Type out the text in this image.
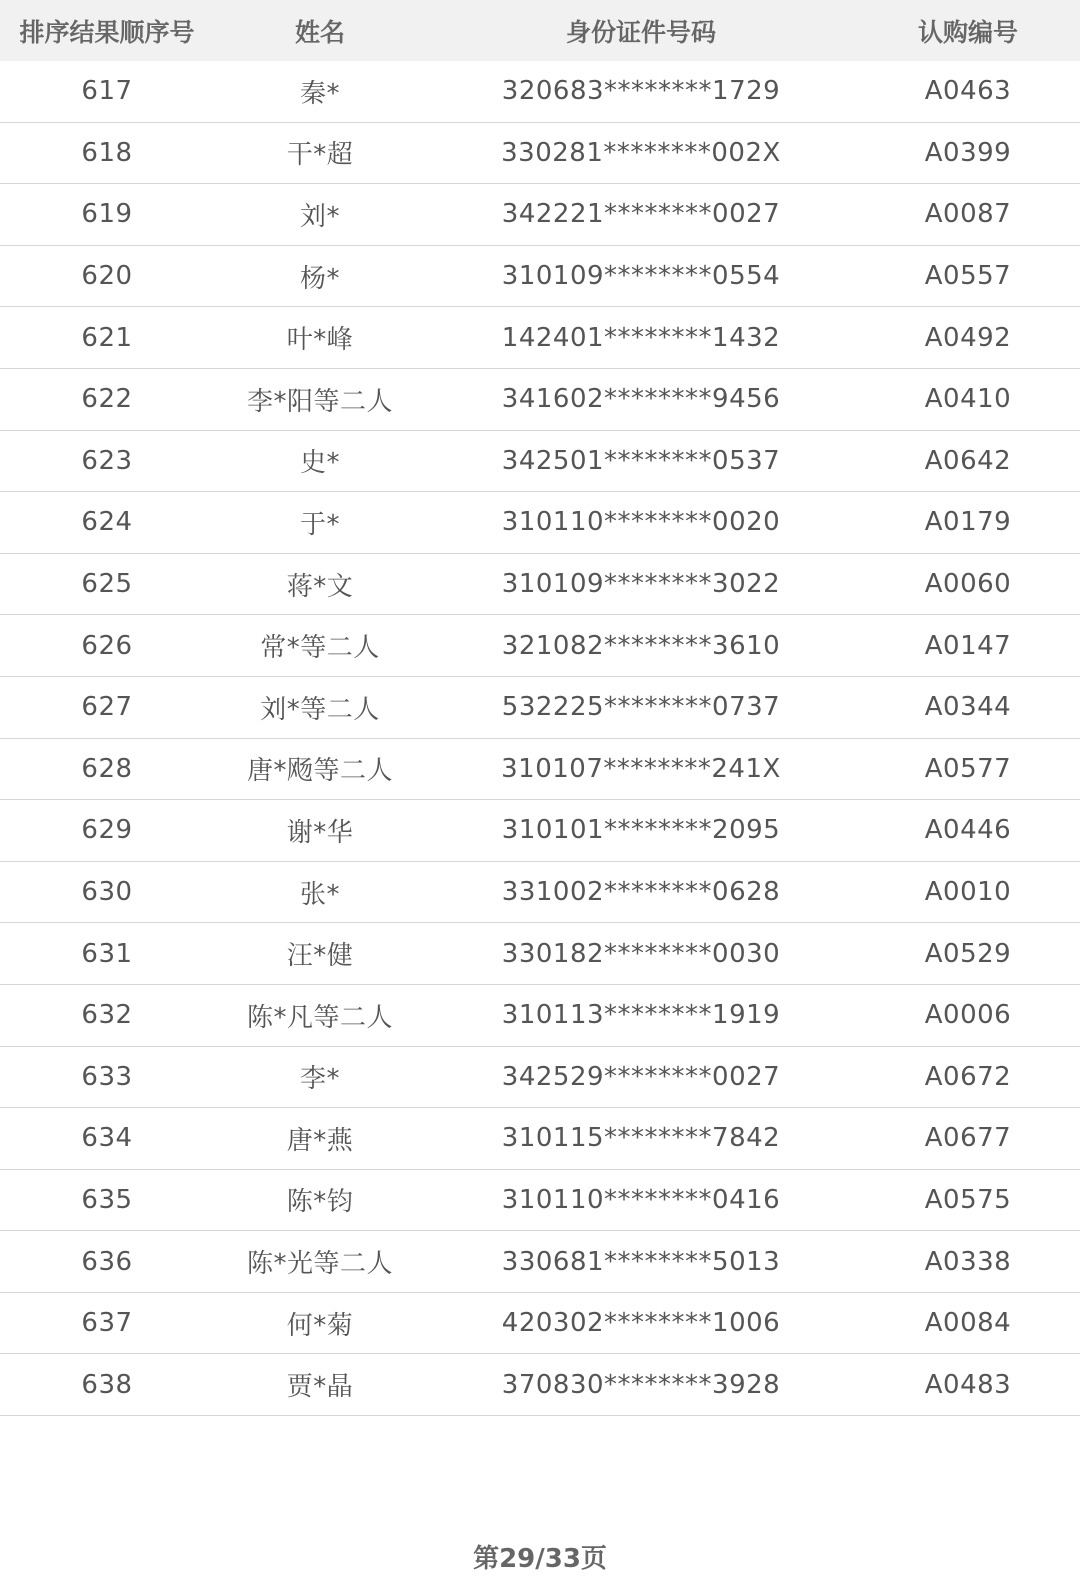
排序结果顺序号	姓名	身份证件号码	认购编号
617	秦*	320683********1729	A0463
618	干*超	330281********002X	A0399
619	刘*	342221********0027	A0087
620	杨*	310109********0554	A0557
621	叶*峰	142401********1432	A0492
622	李*阳等二人	341602********9456	A0410
623	史*	342501********0537	A0642
624	于*	310110********0020	A0179
625	蒋*文	310109********3022	A0060
626	常*等二人	321082********3610	A0147
627	刘*等二人	532225********0737	A0344
628	唐*飏等二人	310107********241X	A0577
629	谢*华	310101********2095	A0446
630	张*	331002********0628	A0010
631	汪*健	330182********0030	A0529
632	陈*凡等二人	310113********1919	A0006
633	李*	342529********0027	A0672
634	唐*燕	310115********7842	A0677
635	陈*钧	310110********0416	A0575
636	陈*光等二人	330681********5013	A0338
637	何*菊	420302********1006	A0084
638	贾*晶	370830********3928	A0483
第29/33页
